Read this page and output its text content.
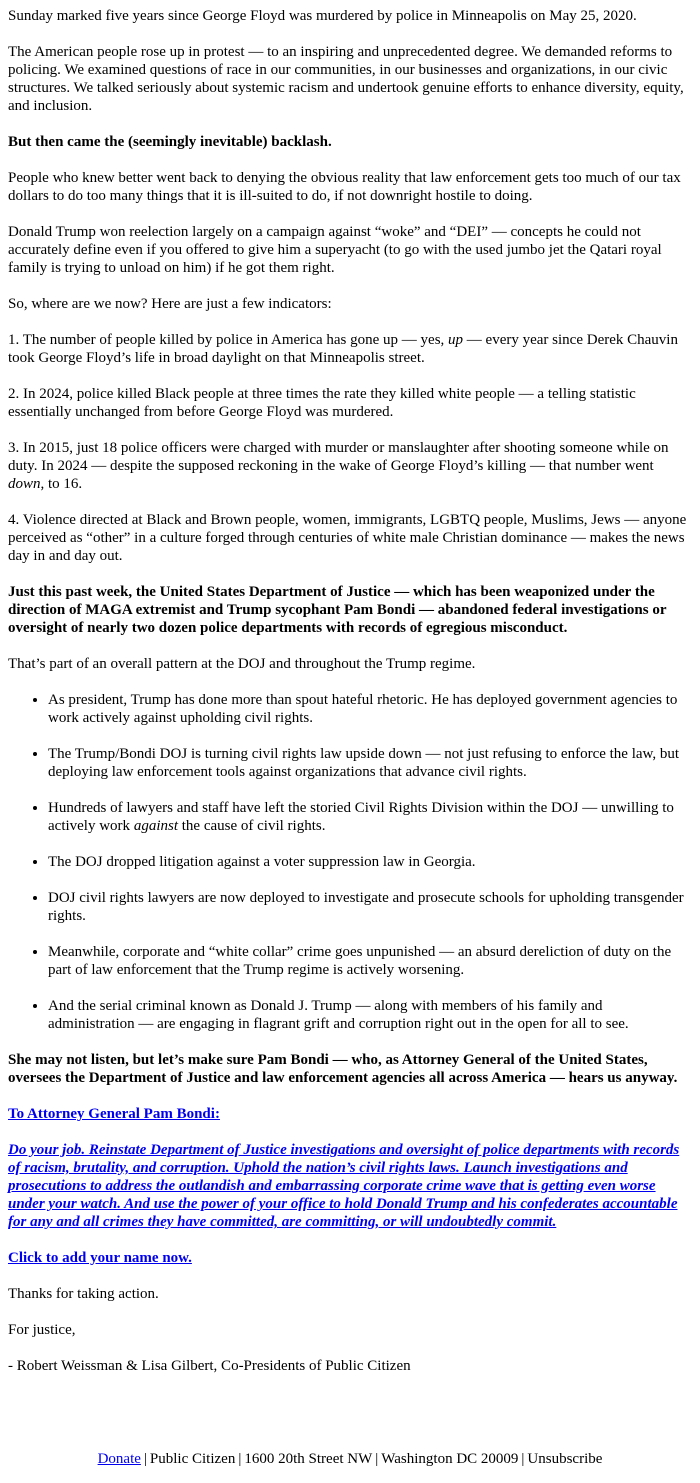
Sunday marked five years since George Floyd was murdered by police in Minneapolis on May 25, 2020.

The American people rose up in protest — to an inspiring and unprecedented degree. We demanded reforms to policing. We examined questions of race in our communities, in our businesses and organizations, in our civic structures. We talked seriously about systemic racism and undertook genuine efforts to enhance diversity, equity, and inclusion.

But then came the (seemingly inevitable) backlash.

People who knew better went back to denying the obvious reality that law enforcement gets too much of our tax dollars to do too many things that it is ill-suited to do, if not downright hostile to doing.

Donald Trump won reelection largely on a campaign against “woke” and “DEI” — concepts he could not accurately define even if you offered to give him a superyacht (to go with the used jumbo jet the Qatari royal family is trying to unload on him) if he got them right.

So, where are we now? Here are just a few indicators:

1. The number of people killed by police in America has gone up — yes, up — every year since Derek Chauvin took George Floyd’s life in broad daylight on that Minneapolis street.

2. In 2024, police killed Black people at three times the rate they killed white people — a telling statistic essentially unchanged from before George Floyd was murdered.

3. In 2015, just 18 police officers were charged with murder or manslaughter after shooting someone while on duty. In 2024 — despite the supposed reckoning in the wake of George Floyd’s killing — that number went down, to 16.

4. Violence directed at Black and Brown people, women, immigrants, LGBTQ people, Muslims, Jews — anyone perceived as “other” in a culture forged through centuries of white male Christian dominance — makes the news day in and day out.

Just this past week, the United States Department of Justice — which has been weaponized under the direction of MAGA extremist and Trump sycophant Pam Bondi — abandoned federal investigations or oversight of nearly two dozen police departments with records of egregious misconduct.

That’s part of an overall pattern at the DOJ and throughout the Trump regime.

• As president, Trump has done more than spout hateful rhetoric. He has deployed government agencies to work actively against upholding civil rights.
• The Trump/Bondi DOJ is turning civil rights law upside down — not just refusing to enforce the law, but deploying law enforcement tools against organizations that advance civil rights.
• Hundreds of lawyers and staff have left the storied Civil Rights Division within the DOJ — unwilling to actively work against the cause of civil rights.
• The DOJ dropped litigation against a voter suppression law in Georgia.
• DOJ civil rights lawyers are now deployed to investigate and prosecute schools for upholding transgender rights.
• Meanwhile, corporate and “white collar” crime goes unpunished — an absurd dereliction of duty on the part of law enforcement that the Trump regime is actively worsening.
• And the serial criminal known as Donald J. Trump — along with members of his family and administration — are engaging in flagrant grift and corruption right out in the open for all to see.

She may not listen, but let’s make sure Pam Bondi — who, as Attorney General of the United States, oversees the Department of Justice and law enforcement agencies all across America — hears us anyway.

To Attorney General Pam Bondi:

Do your job. Reinstate Department of Justice investigations and oversight of police departments with records of racism, brutality, and corruption. Uphold the nation’s civil rights laws. Launch investigations and prosecutions to address the outlandish and embarrassing corporate crime wave that is getting even worse under your watch. And use the power of your office to hold Donald Trump and his confederates accountable for any and all crimes they have committed, are committing, or will undoubtedly commit.

Click to add your name now.

Thanks for taking action.

For justice,

- Robert Weissman & Lisa Gilbert, Co-Presidents of Public Citizen

Donate | Public Citizen | 1600 20th Street NW | Washington DC 20009 | Unsubscribe
